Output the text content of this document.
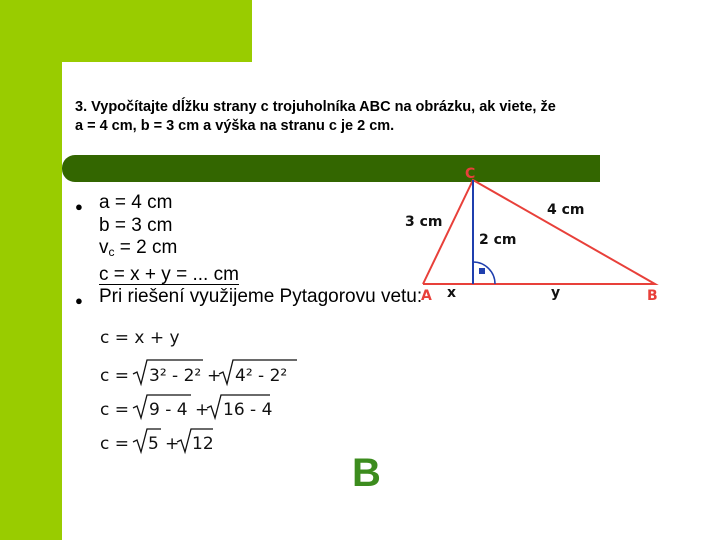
3. Vypočítajte dĺžku strany c trojuholníka ABC na obrázku, ak viete, že
a = 4 cm, b = 3 cm a výška na stranu c je 2 cm.

● a = 4 cm
b = 3 cm
$v_c = 2$ cm
c = x + y = ... cm
● Pri riešení využijeme Pytagorovu vetu:
C
A	B
3 cm
4 cm
2 cm
x	y
c = x + y
c = 3² - 2² + 4² - 2²
c = 9 - 4 + 16 - 4
c = 5 + 12
B
